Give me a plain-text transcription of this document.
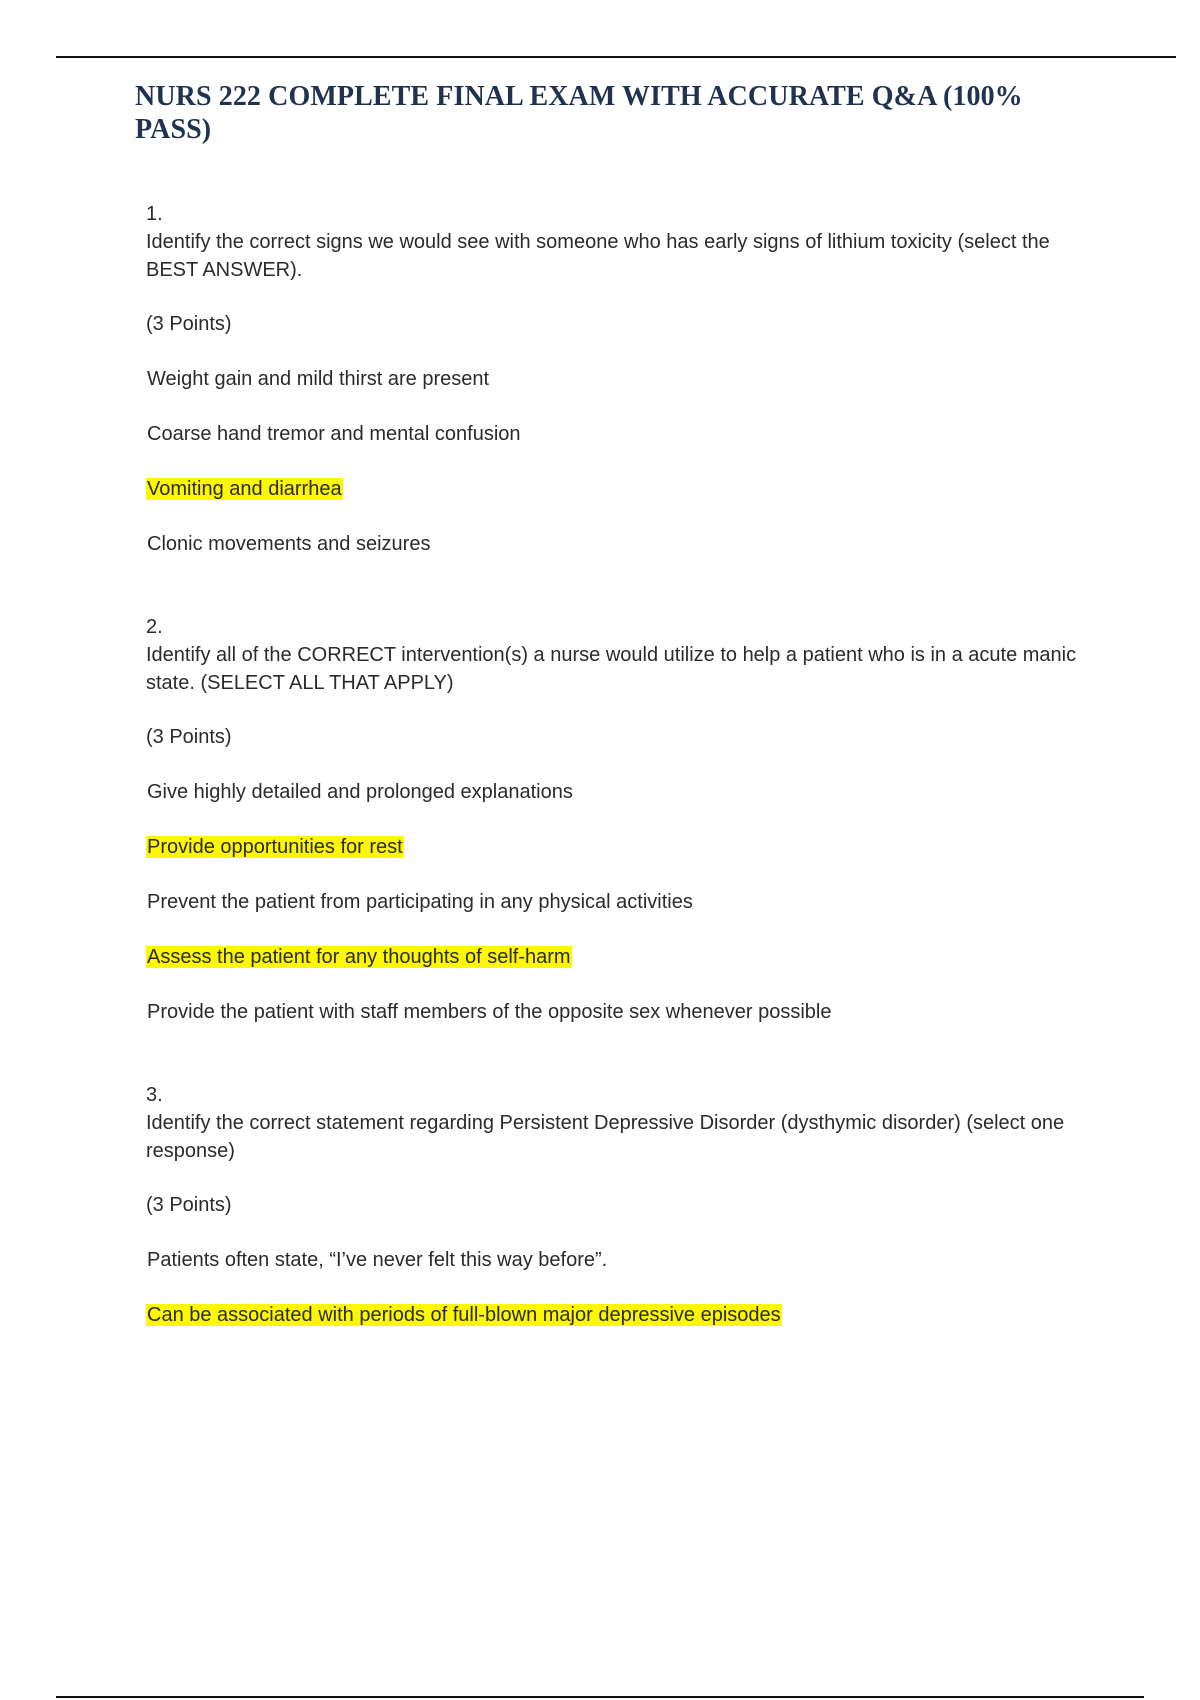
NURS 222 COMPLETE FINAL EXAM WITH ACCURATE Q&A (100% PASS)

1.

Identify the correct signs we would see with someone who has early signs of lithium toxicity (select the BEST ANSWER).

(3 Points)

Weight gain and mild thirst are present
Coarse hand tremor and mental confusion
Vomiting and diarrhea
Clonic movements and seizures

2.

Identify all of the CORRECT intervention(s) a nurse would utilize to help a patient who is in a acute manic state. (SELECT ALL THAT APPLY)

(3 Points)

Give highly detailed and prolonged explanations
Provide opportunities for rest
Prevent the patient from participating in any physical activities
Assess the patient for any thoughts of self-harm
Provide the patient with staff members of the opposite sex whenever possible

3.

Identify the correct statement regarding Persistent Depressive Disorder (dysthymic disorder) (select one response)

(3 Points)

Patients often state, “I’ve never felt this way before”.
Can be associated with periods of full-blown major depressive episodes
